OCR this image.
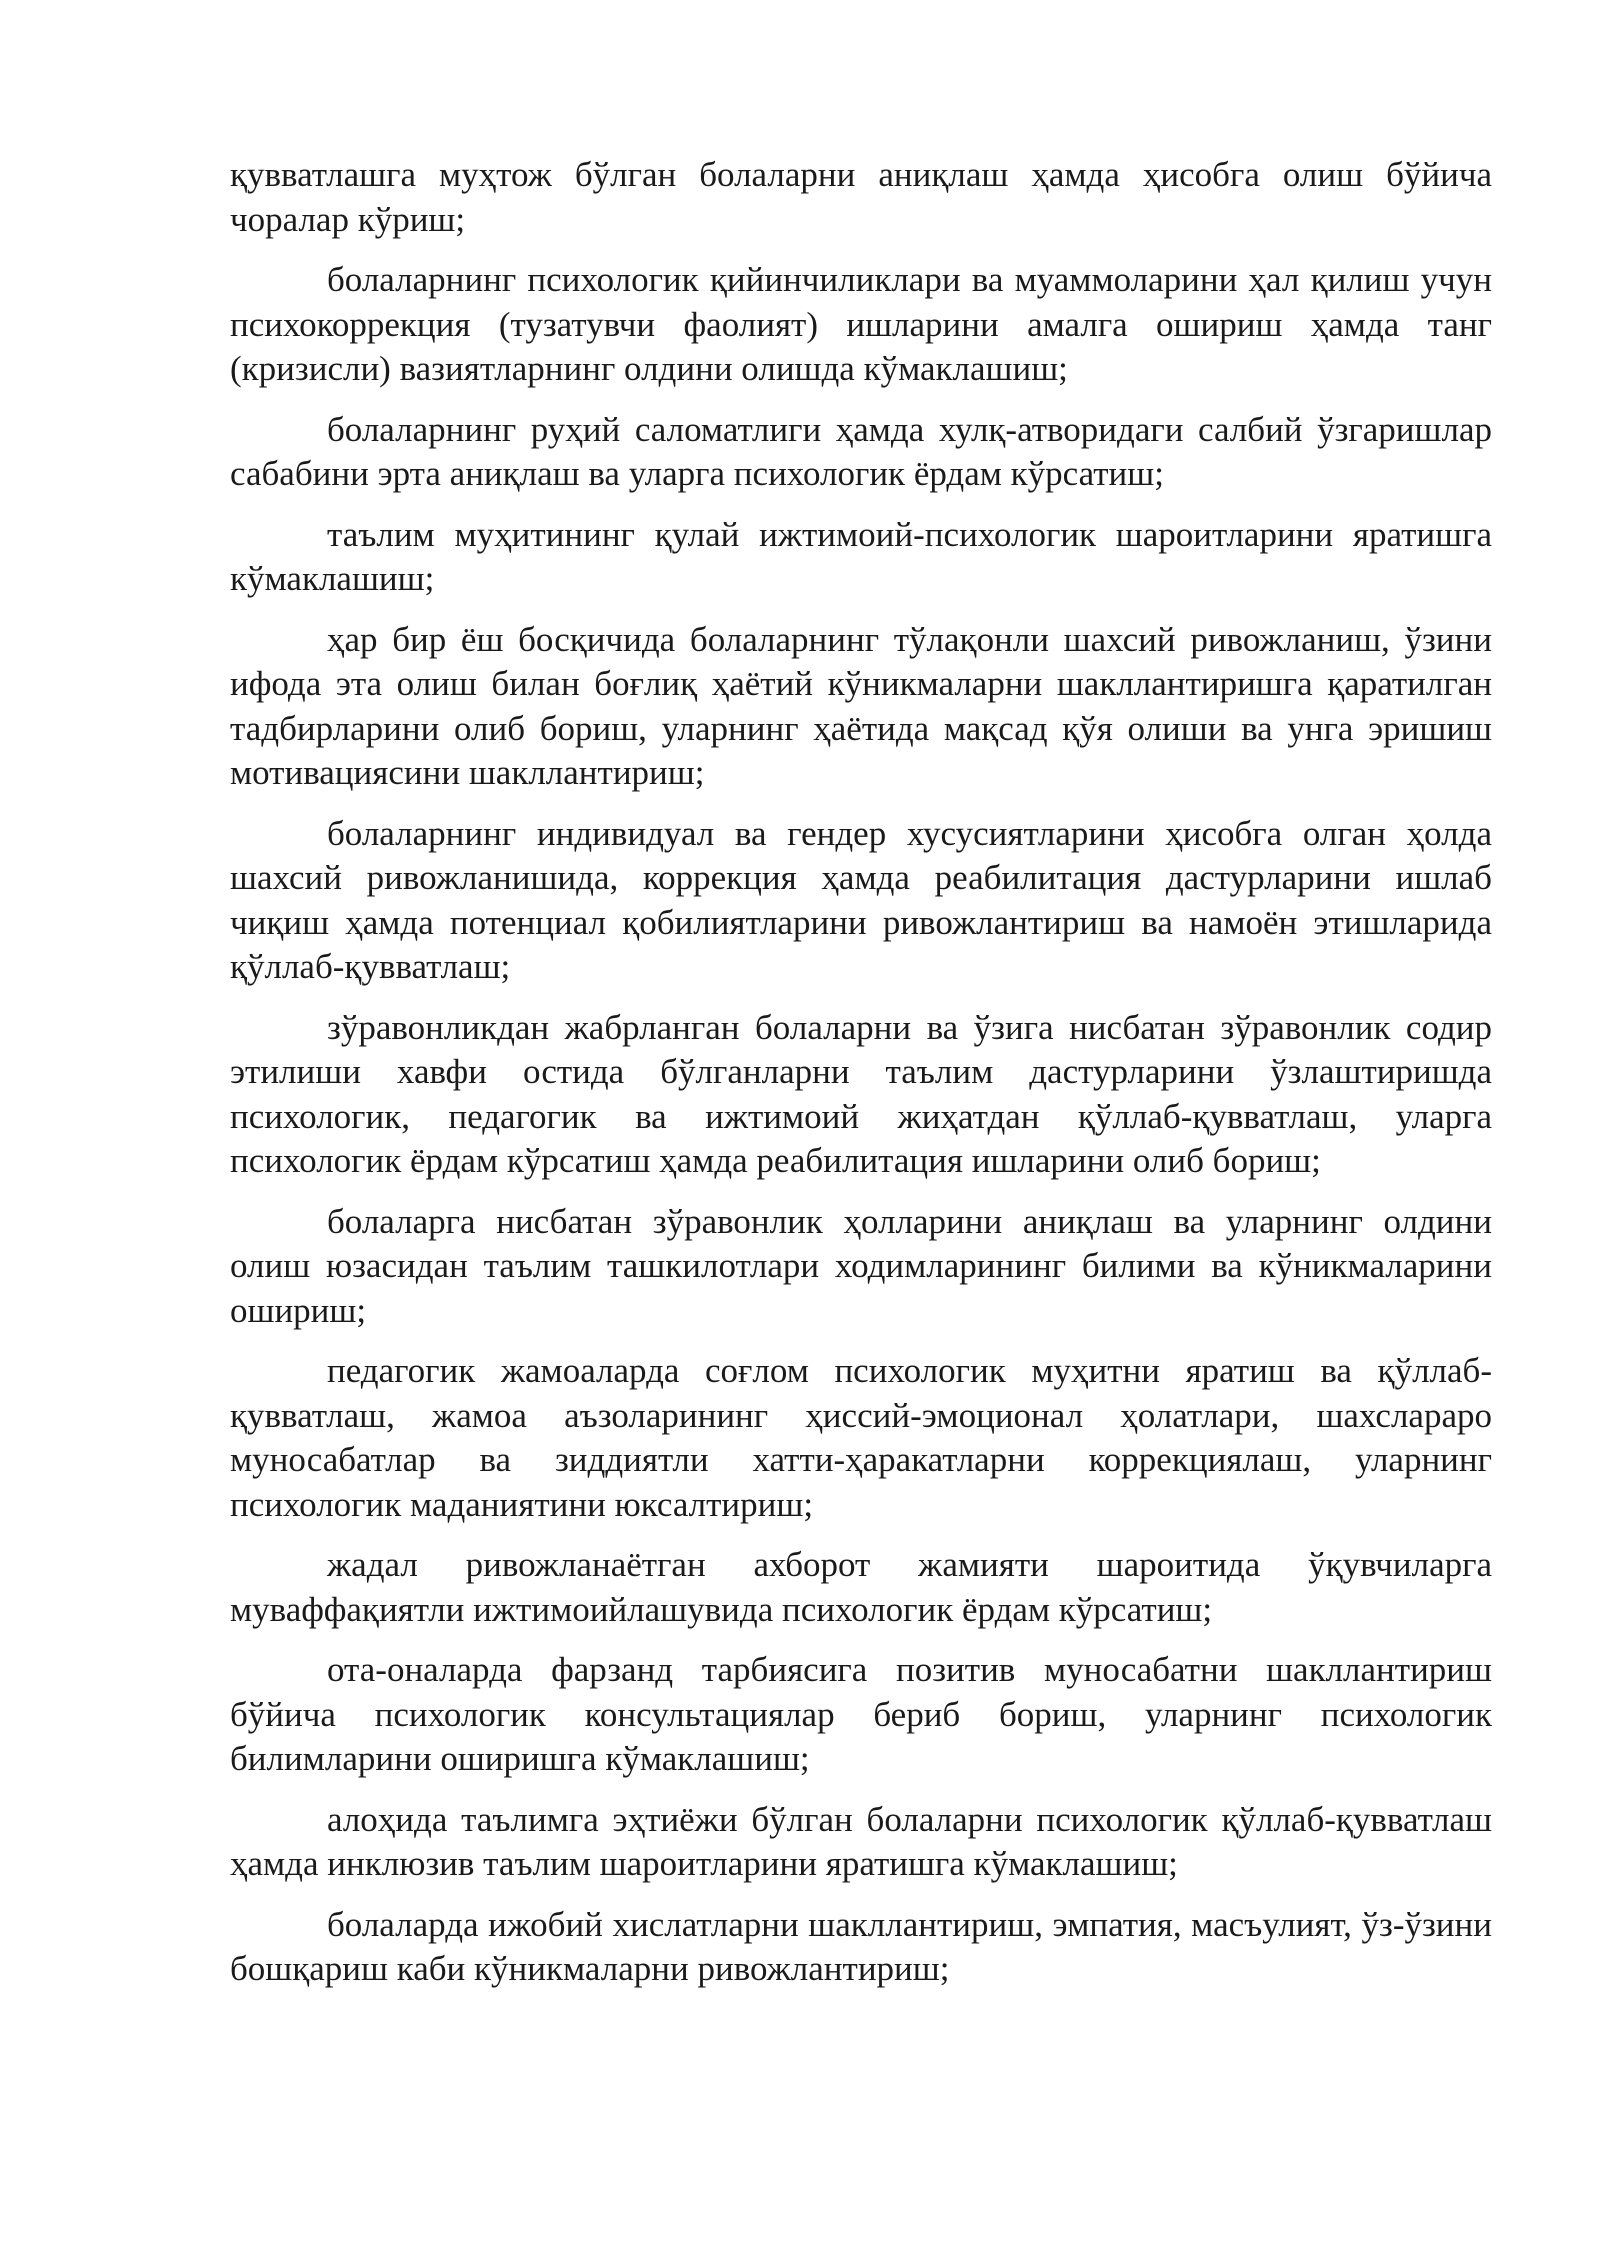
қувватлашга муҳтож бўлган болаларни аниқлаш ҳамда ҳисобга олиш бўйича чоралар кўриш;

болаларнинг психологик қийинчиликлари ва муаммоларини ҳал қилиш учун психокоррекция (тузатувчи фаолият) ишларини амалга ошириш ҳамда танг (кризисли) вазиятларнинг олдини олишда кўмаклашиш;

болаларнинг руҳий саломатлиги ҳамда хулқ-атворидаги салбий ўзгаришлар сабабини эрта аниқлаш ва уларга психологик ёрдам кўрсатиш;

таълим муҳитининг қулай ижтимоий-психологик шароитларини яратишга кўмаклашиш;

ҳар бир ёш босқичида болаларнинг тўлақонли шахсий ривожланиш, ўзини ифода эта олиш билан боғлиқ ҳаётий кўникмаларни шакллантиришга қаратилган тадбирларини олиб бориш, уларнинг ҳаётида мақсад қўя олиши ва унга эришиш мотивациясини шакллантириш;

болаларнинг индивидуал ва гендер хусусиятларини ҳисобга олган ҳолда шахсий ривожланишида, коррекция ҳамда реабилитация дастурларини ишлаб чиқиш ҳамда потенциал қобилиятларини ривожлантириш ва намоён этишларида қўллаб-қувватлаш;

зўравонликдан жабрланган болаларни ва ўзига нисбатан зўравонлик содир этилиши хавфи остида бўлганларни таълим дастурларини ўзлаштиришда психологик, педагогик ва ижтимоий жиҳатдан қўллаб-қувватлаш, уларга психологик ёрдам кўрсатиш ҳамда реабилитация ишларини олиб бориш;

болаларга нисбатан зўравонлик ҳолларини аниқлаш ва уларнинг олдини олиш юзасидан таълим ташкилотлари ходимларининг билими ва кўникмаларини ошириш;

педагогик жамоаларда соғлом психологик муҳитни яратиш ва қўллаб-қувватлаш, жамоа аъзоларининг ҳиссий-эмоционал ҳолатлари, шахслараро муносабатлар ва зиддиятли хатти-ҳаракатларни коррекциялаш, уларнинг психологик маданиятини юксалтириш;

жадал ривожланаётган ахборот жамияти шароитида ўқувчиларга муваффақиятли ижтимоийлашувида психологик ёрдам кўрсатиш;

ота-оналарда фарзанд тарбиясига позитив муносабатни шакллантириш бўйича психологик консультациялар бериб бориш, уларнинг психологик билимларини оширишга кўмаклашиш;

алоҳида таълимга эҳтиёжи бўлган болаларни психологик қўллаб-қувватлаш ҳамда инклюзив таълим шароитларини яратишга кўмаклашиш;

болаларда ижобий хислатларни шакллантириш, эмпатия, масъулият, ўз-ўзини бошқариш каби кўникмаларни ривожлантириш;
